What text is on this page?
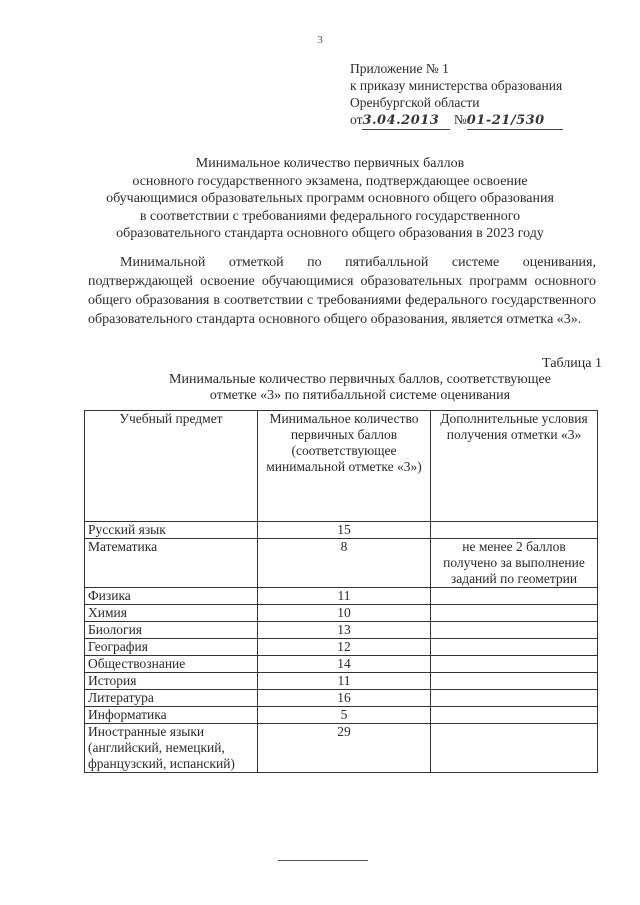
3
Приложение № 1
к приказу министерства образования
Оренбургской области
от3.04.2013 №01-21/530
Минимальное количество первичных баллов
основного государственного экзамена, подтверждающее освоение
обучающимися образовательных программ основного общего образования
в соответствии с требованиями федерального государственного
образовательного стандарта основного общего образования в 2023 году
Минимальной отметкой по пятибалльной системе оценивания, подтверждающей освоение обучающимися образовательных программ основного общего образования в соответствии с требованиями федерального государственного образовательного стандарта основного общего образования, является отметка «3».
Таблица 1
Минимальные количество первичных баллов, соответствующее
отметке «3» по пятибалльной системе оценивания
Учебный предмет	Минимальное количество первичных баллов (соответствующее минимальной отметке «3»)	Дополнительные условия получения отметки «3»
Русский язык	15	
Математика	8	не менее 2 баллов получено за выполнение заданий по геометрии
Физика	11	
Химия	10	
Биология	13	
География	12	
Обществознание	14	
История	11	
Литература	16	
Информатика	5	
Иностранные языки (английский, немецкий, французский, испанский)	29	
